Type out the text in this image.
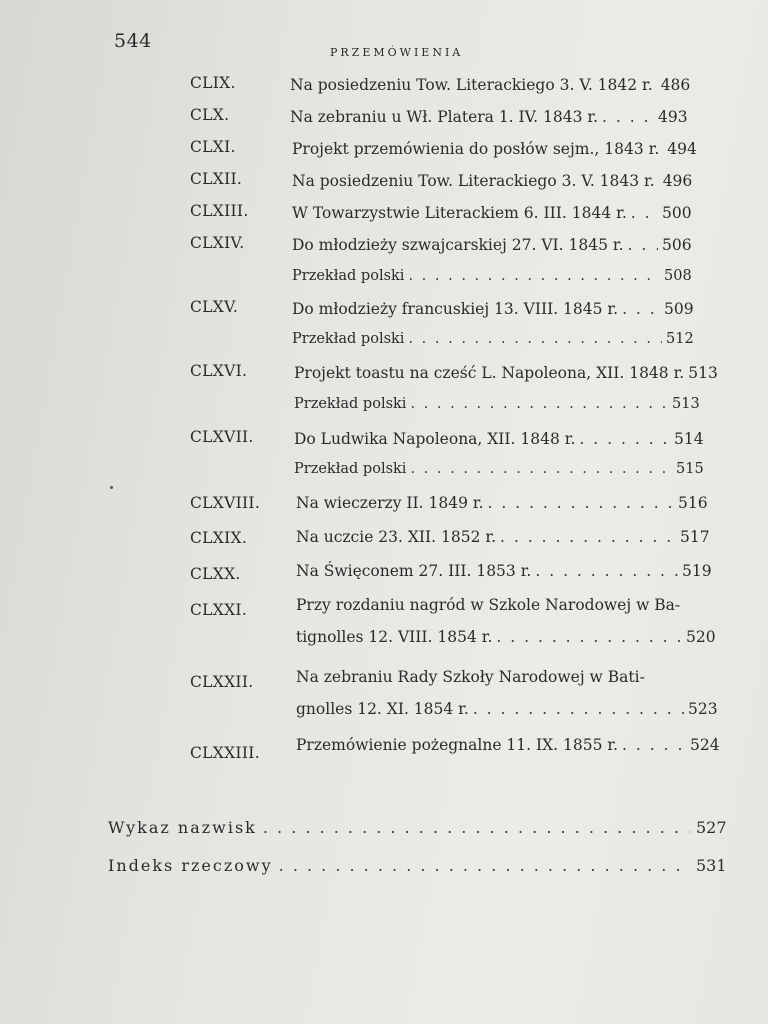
544
PRZEMÓWIENIA
CLIX.	Na posiedzeniu Tow. Literackiego 3. V. 1842 r. 486
CLX.	Na zebraniu u Wł. Platera 1. IV. 1843 r. . . .	493
CLXI.	Projekt przemówienia do posłów sejm., 1843 r. 494
CLXII.	Na posiedzeniu Tow. Literackiego 3. V. 1843 r. 496
CLXIII.	W Towarzystwie Literackiem 6. III. 1844 r. . . . 500
CLXIV.	Do młodzieży szwajcarskiej 27. VI. 1845 r. . . . 506
Przekład polski . . .	508
CLXV.	Do młodzieży francuskiej 13. VIII. 1845 r. . . .	509
Przekład polski . . .	512
CLXVI.	Projekt toastu na cześć L. Napoleona, XII. 1848 r. 513
Przekład polski . . .	513
CLXVII.	Do Ludwika Napoleona, XII. 1848 r. . . .	514
Przekład polski . . .	515
CLXVIII. Na wieczerzy II. 1849 r. . . .	516
CLXIX.	Na uczcie 23. XII. 1852 r. . . .	517
CLXX.	Na Święconem 27. III. 1853 r. . . .	519
CLXXI.	Przy rozdaniu nagród w Szkole Narodowej w Ba-
tignolles 12. VIII. 1854 r. . . .	520
CLXXII.	Na zebraniu Rady Szkoły Narodowej w Bati-
gnolles 12. XI. 1854 r. . . .	523
CLXXIII. Przemówienie pożegnalne 11. IX. 1855 r. . . .	524
Wykaz nazwisk . . .	527
Indeks rzeczowy . . .	531
